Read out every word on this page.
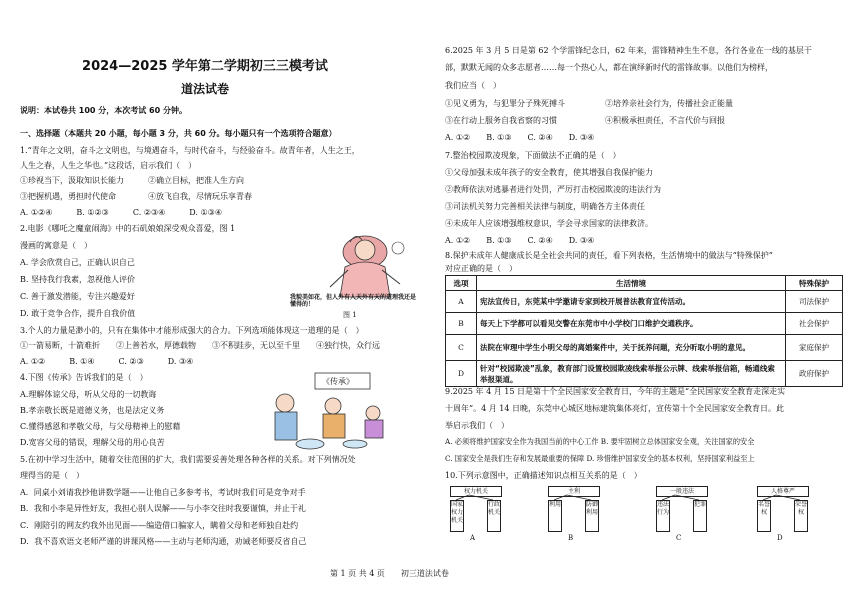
2024—2025 学年第二学期初三三模考试
道法试卷
说明：本试卷共 100 分，本次考试 60 分钟。
一、选择题（本题共 20 小题，每小题 3 分，共 60 分。每小题只有一个选项符合题意）
1.“青年之文明，奋斗之文明也，与境遇奋斗，与时代奋斗，与经验奋斗。故青年者，人生之王，
人生之春，人生之华也。”这段话，启示我们（　）
①珍视当下，汲取知识长能力　　　②确立目标，把准人生方向
③把握机遇，勇担时代使命　　　　④放飞自我，尽情玩乐享青春
A. ①②④　　　B. ①②③　　　C. ②③④　　　D. ①③④
2.电影《哪吒之魔童闹海》中的石矶娘娘深受观众喜爱，图 1
漫画的寓意是（　）
A. 学会欣赏自己，正确认识自己
B. 坚持我行我素，忽视他人评价
C. 善于激发潜能，专注兴趣爱好
D. 敢于竞争合作，提升自我价值
我貌美如花，但人外有人天外有天的道理我还是懂得的！
图 1
3.个人的力量是渺小的，只有在集体中才能形成强大的合力。下列选项能体现这一道理的是（　）
①一箭易断，十箭难折　　②上善若水，厚德载物　　③不积跬步，无以至千里　　④独行快，众行远
A. ①②　　　B. ①④　　　C. ②③　　　D. ③④
4.下图《传承》告诉我们的是（　）
A.理解体谅父母，听从父母的一切教诲
B.孝亲敬长既是道德义务，也是法定义务
C.懂得感恩和孝敬父母，与父母精神上的慰藉
D.宽容父母的错误，理解父母的用心良苦
《传承》
5.在初中学习生活中，随着交往范围的扩大，我们需要妥善处理各种各样的关系。对下列情况处
理得当的是（　）
A．同桌小刘请我抄他讲数学题——让他自己多参考书，考试时我们可是竞争对手
B．我和小李是异性好友，我担心别人误解——与小李交往时我要谨慎，并止于礼
C．刚陪引的网友约我外出见面——编造借口骗家人，瞒着父母和老师独自赴约
D．我不喜欢语文老师严谨的讲课风格——主动与老师沟通，劝诫老师要反省自己
6.2025 年 3 月 5 日是第 62 个学雷锋纪念日，62 年来，雷锋精神生生不息，各行各业在一线的基层干
部，默默无闻的众多志愿者……每一个热心人，都在演绎新时代的雷锋故事。以他们为榜样，
我们应当（　）
①见义勇为，与犯罪分子殊死搏斗　　　　　②培养亲社会行为，传播社会正能量
③在行动上服务自我省察的习惯　　　　　　④积极承担责任，不言代价与回报
A. ①②　　B. ①③　　C. ②④　　D. ③④
7.整治校园欺凌现象，下面做法不正确的是（　）
①父母加强未成年孩子的安全教育，使其增强自我保护能力
②教师依法对逃暴者进行处罚，严厉打击校园欺凌的违法行为
③司法机关努力完善相关法律与制度，明确各方主体责任
④未成年人应该增强维权意识，学会寻求国家的法律救济。
A. ①②　　B. ①③　　C. ②④　　D. ③④
8.保护未成年人健康成长是全社会共同的责任，看下列表格，生活情境中的做法与“特殊保护”
对应正确的是（　）
选项	生活情境	特殊保护
A	宪法宣传日，东莞某中学邀请专家到校开展普法教育宣传活动。	司法保护
B	每天上下学都可以看见交警在东莞市中小学校门口维护交通秩序。	社会保护
C	法院在审理中学生小明父母的离婚案件中，关于抚养问题，充分听取小明的意见。	家庭保护
D	针对“校园欺凌”乱象，教育部门设置校园欺凌线索举报公示牌、线索举报信箱，畅通线索举报渠道。	政府保护
9.2025 年 4 月 15 日是第十个全民国家安全教育日，今年的主题是“全民国家安全教育走深走实
十周年”。4 月 14 日晚，东莞中心城区地标建筑集体亮灯，宣传第十个全民国家安全教育日。此
举启示我们（　）
A. 必须将维护国家安全作为我国当前的中心工作 B. 要牢固树立总体国家安全观，关注国家的安全
C. 国家安全是我们生存和发展最重要的保障 D. 珍惜维护国家安全的基本权利，坚持国家利益至上
10.下列示意图中，正确描述知识点相互关系的是（　）
权力机关
国家权力机关
行政机关
A
主利
利用	防御利用
B
一般违法
违法行为
犯罪
C
人格尊严
名誉权
荣誉权
D
第 1 页 共 4 页　　初三道法试卷
